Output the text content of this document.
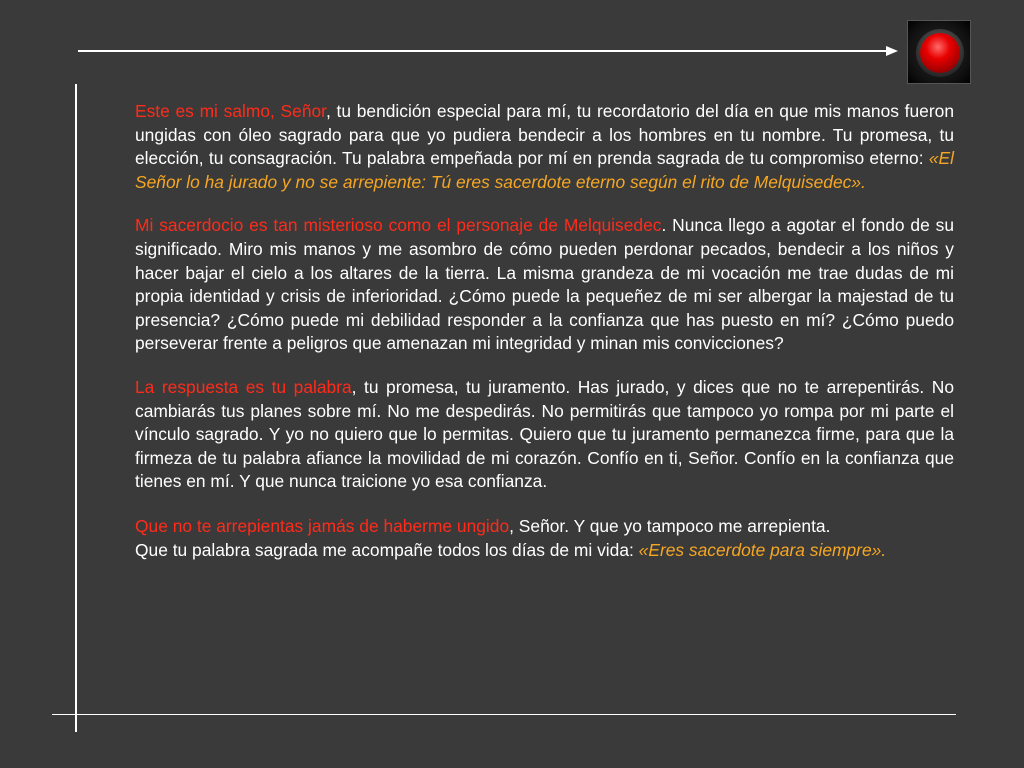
Este es mi salmo, Señor, tu bendición especial para mí, tu recordatorio del día en que mis manos fueron ungidas con óleo sagrado para que yo pudiera bendecir a los hombres en tu nombre. Tu promesa, tu elección, tu consagración. Tu palabra empeñada por mí en prenda sagrada de tu compromiso eterno: «El Señor lo ha jurado y no se arrepiente: Tú eres sacerdote eterno según el rito de Melquisedec».

Mi sacerdocio es tan misterioso como el personaje de Melquisedec. Nunca llego a agotar el fondo de su significado. Miro mis manos y me asombro de cómo pueden perdonar pecados, bendecir a los niños y hacer bajar el cielo a los altares de la tierra. La misma grandeza de mi vocación me trae dudas de mi propia identidad y crisis de inferioridad. ¿Cómo puede la pequeñez de mi ser albergar la majestad de tu presencia? ¿Cómo puede mi debilidad responder a la confianza que has puesto en mí? ¿Cómo puedo perseverar frente a peligros que amenazan mi integridad y minan mis convicciones?

La respuesta es tu palabra, tu promesa, tu juramento. Has jurado, y dices que no te arrepentirás. No cambiarás tus planes sobre mí. No me despedirás. No permitirás que tampoco yo rompa por mi parte el vínculo sagrado. Y yo no quiero que lo permitas. Quiero que tu juramento permanezca firme, para que la firmeza de tu palabra afiance la movilidad de mi corazón. Confío en ti, Señor. Confío en la confianza que tienes en mí. Y que nunca traicione yo esa confianza.

Que no te arrepientas jamás de haberme ungido, Señor. Y que yo tampoco me arrepienta.

Que tu palabra sagrada me acompañe todos los días de mi vida: «Eres sacerdote para siempre».
